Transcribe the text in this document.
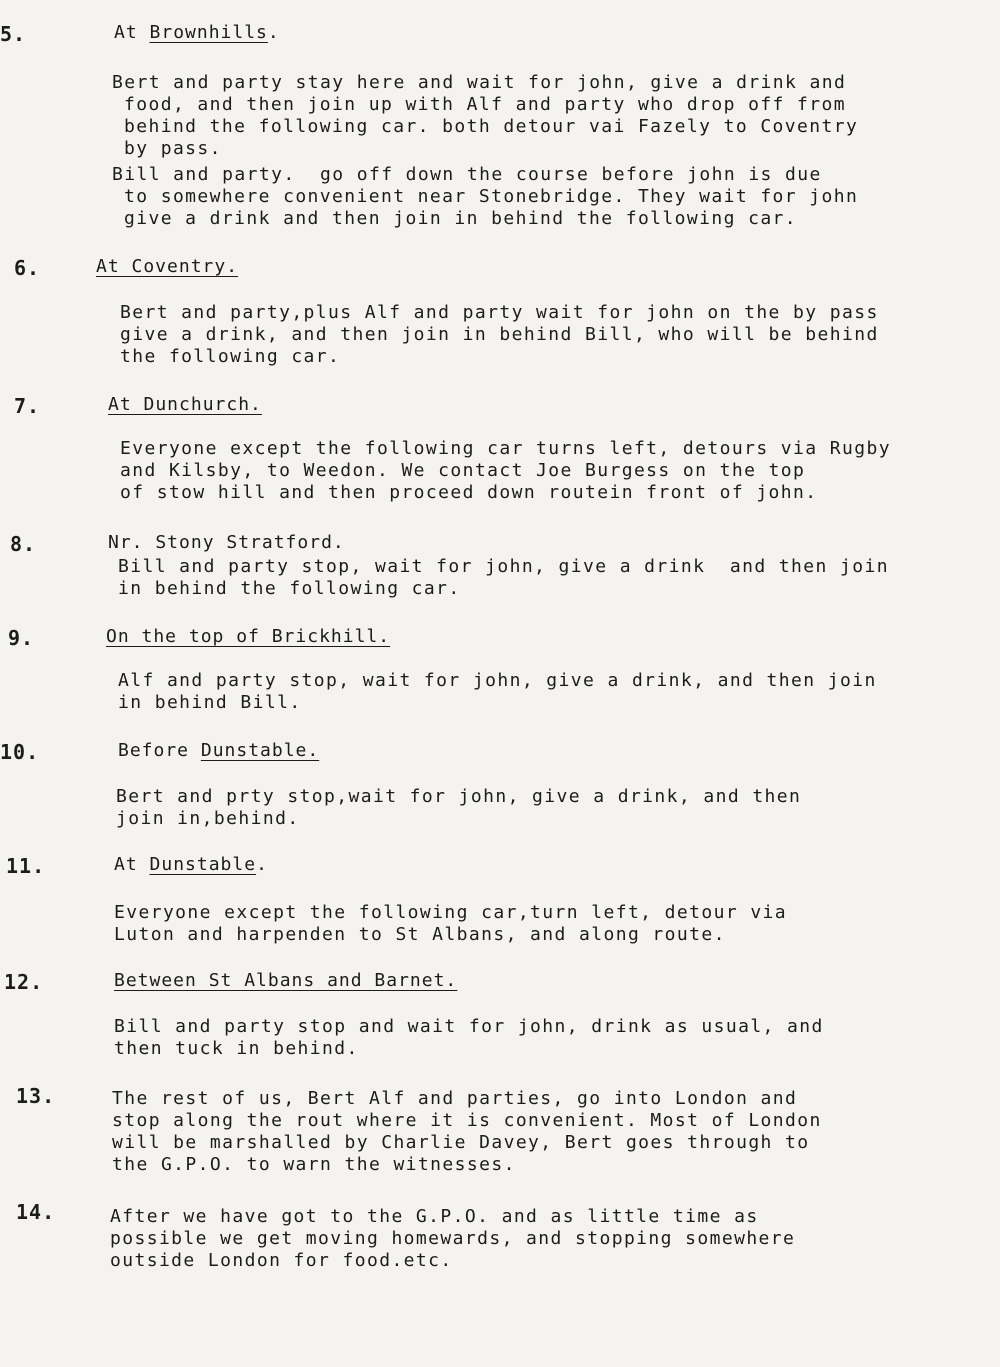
5.	At Brownhills.

Bert and party stay here and wait for john, give a drink and

food, and then join up with Alf and party who drop off from

behind the following car. both detour vai Fazely to Coventry

by pass.

Bill and party.  go off down the course before john is due

to somewhere convenient near Stonebridge. They wait for john

give a drink and then join in behind the following car.

6.	At Coventry.

Bert and party,plus Alf and party wait for john on the by pass

give a drink, and then join in behind Bill, who will be behind

the following car.

7.	At Dunchurch.

Everyone except the following car turns left, detours via Rugby

and Kilsby, to Weedon. We contact Joe Burgess on the top

of stow hill and then proceed down routein front of john.

8.	Nr. Stony Stratford.

Bill and party stop, wait for john, give a drink  and then join

in behind the following car.

9.	On the top of Brickhill.

Alf and party stop, wait for john, give a drink, and then join

in behind Bill.

10.	Before Dunstable.

Bert and prty stop,wait for john, give a drink, and then

join in,behind.

11.	At Dunstable.

Everyone except the following car,turn left, detour via

Luton and harpenden to St Albans, and along route.

12.	Between St Albans and Barnet.

Bill and party stop and wait for john, drink as usual, and

then tuck in behind.

13.	The rest of us, Bert Alf and parties, go into London and

stop along the rout where it is convenient. Most of London

will be marshalled by Charlie Davey, Bert goes through to

the G.P.O. to warn the witnesses.

14.	After we have got to the G.P.O. and as little time as

possible we get moving homewards, and stopping somewhere

outside London for food.etc.
